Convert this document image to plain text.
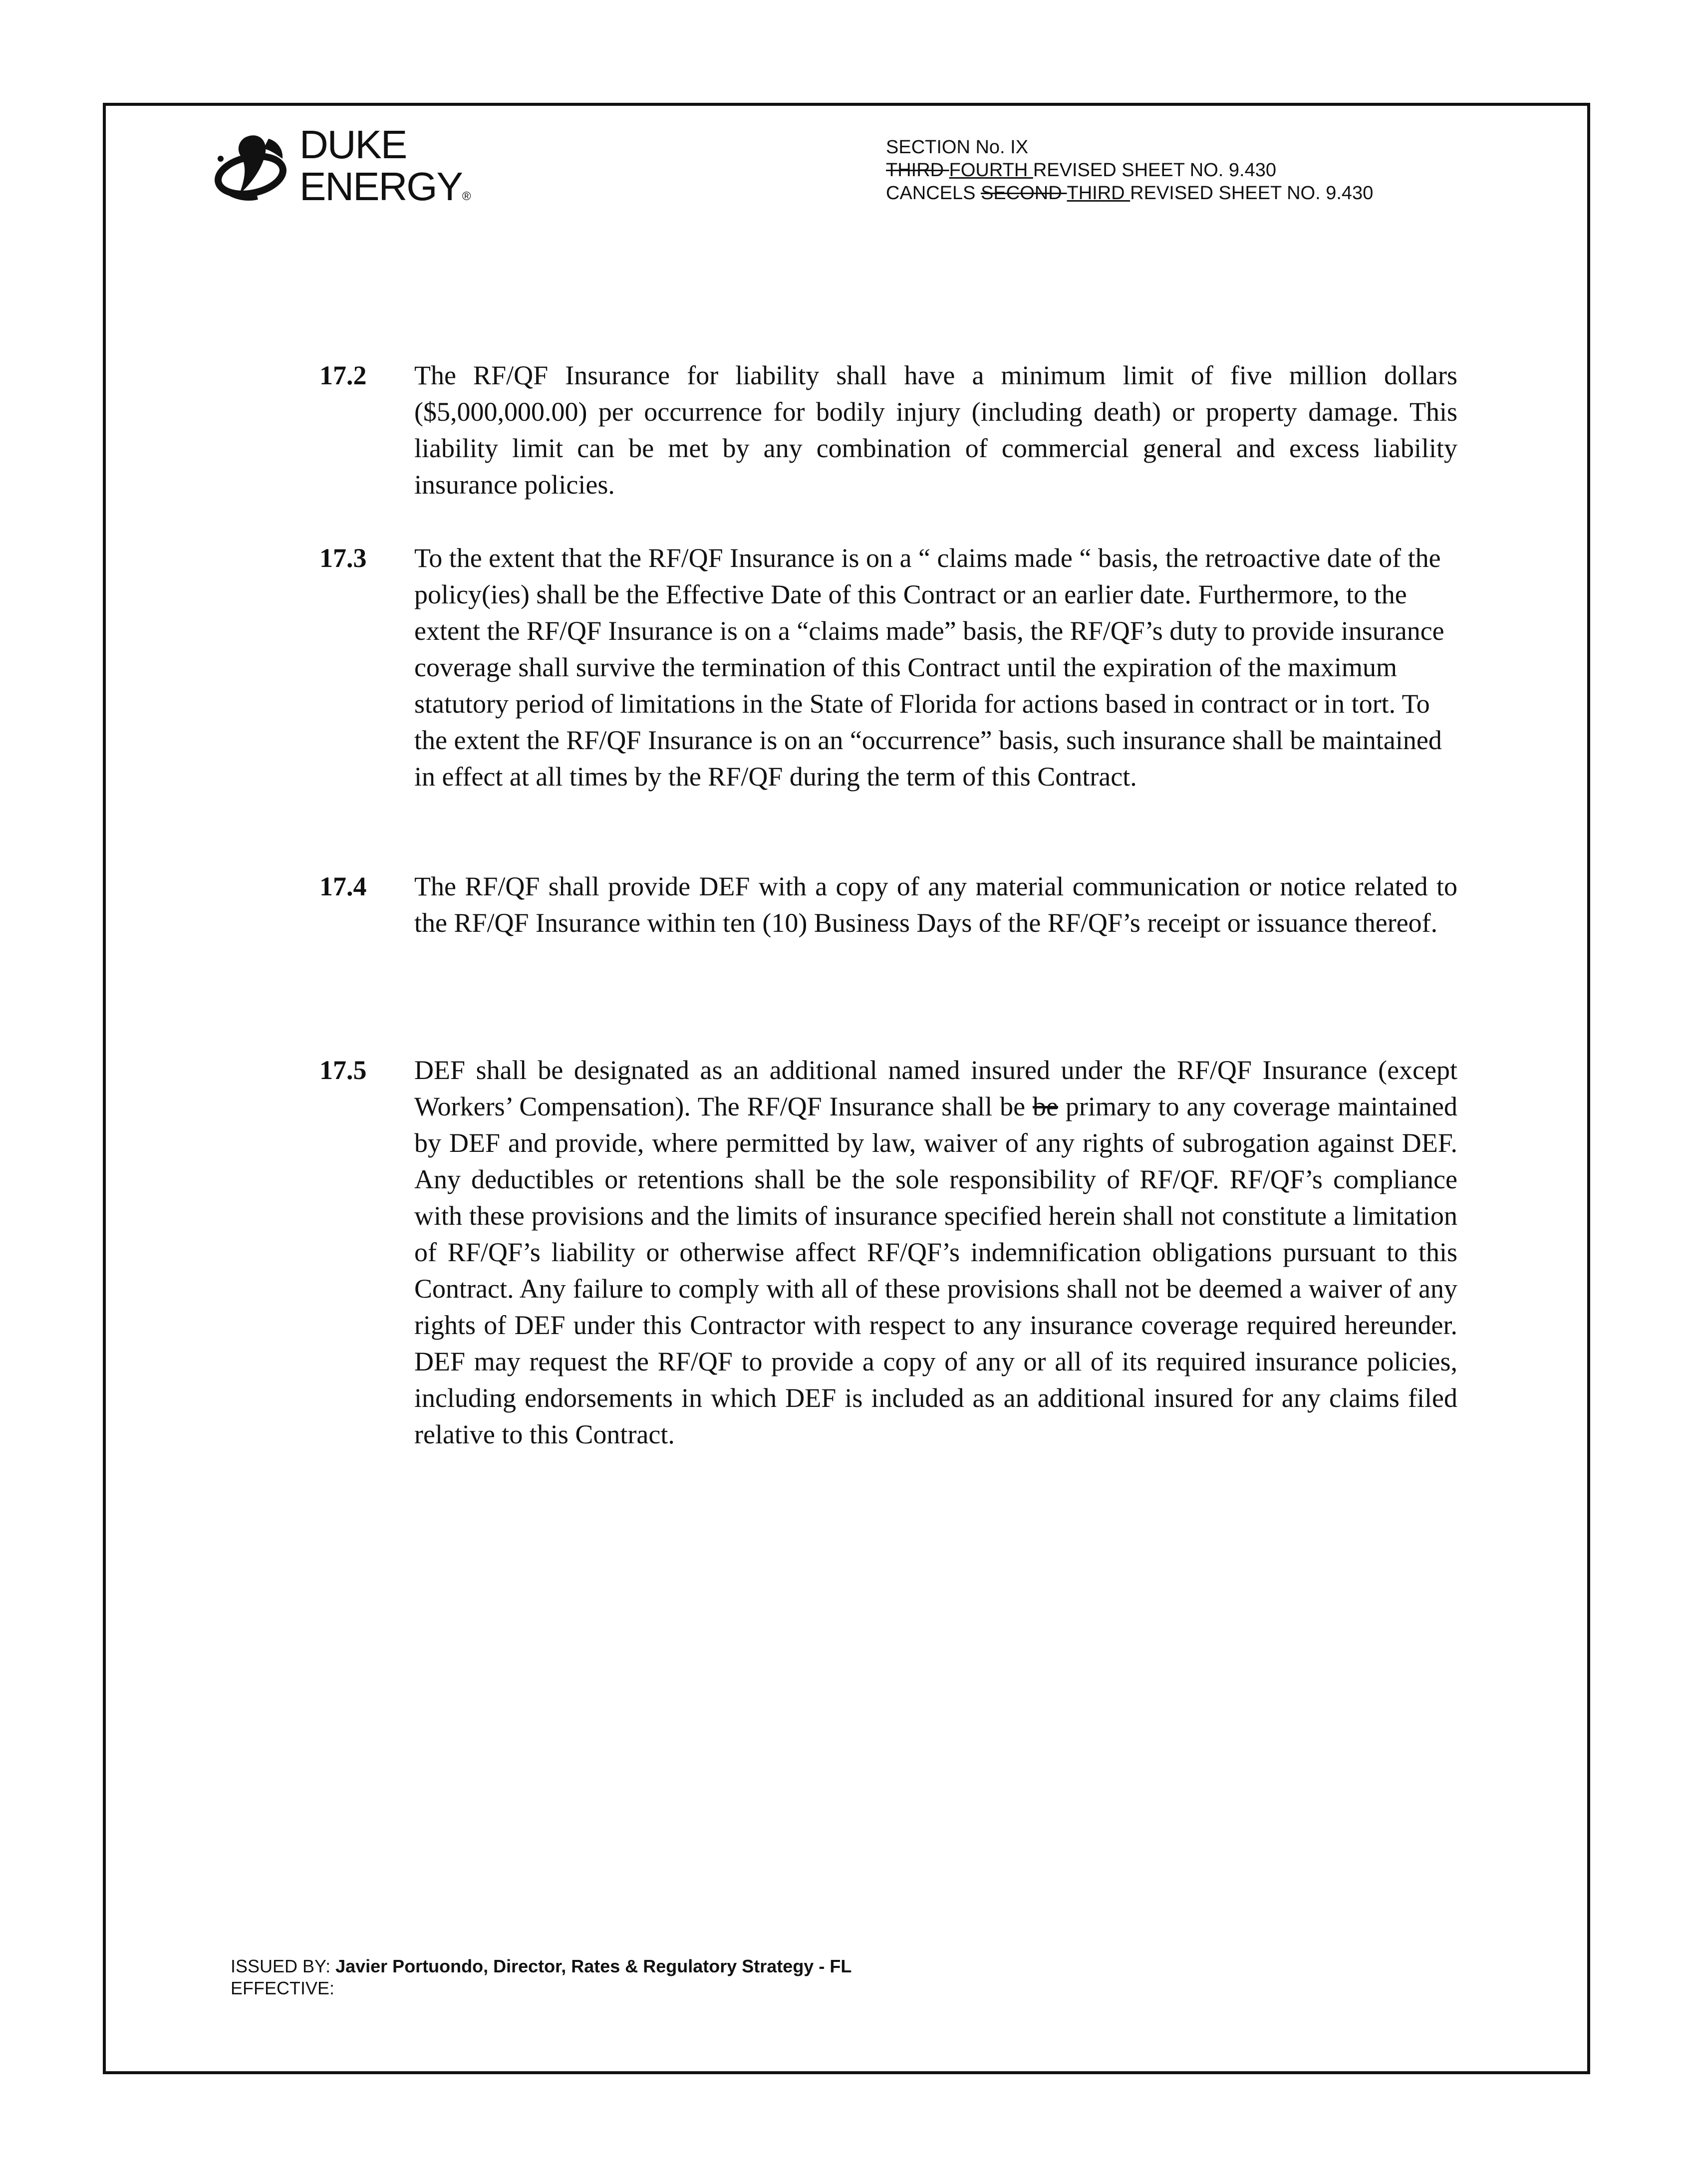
DUKE
ENERGY®
SECTION No. IX
THIRD FOURTH REVISED SHEET NO. 9.430
CANCELS SECOND THIRD REVISED SHEET NO. 9.430
17.2 The RF/QF Insurance for liability shall have a minimum limit of five million dollars ($5,000,000.00) per occurrence for bodily injury (including death) or property damage. This liability limit can be met by any combination of commercial general and excess liability insurance policies.
17.3 To the extent that the RF/QF Insurance is on a “ claims made “ basis, the retroactive date of the policy(ies) shall be the Effective Date of this Contract or an earlier date. Furthermore, to the extent the RF/QF Insurance is on a “claims made” basis, the RF/QF’s duty to provide insurance coverage shall survive the termination of this Contract until the expiration of the maximum statutory period of limitations in the State of Florida for actions based in contract or in tort. To the extent the RF/QF Insurance is on an “occurrence” basis, such insurance shall be maintained in effect at all times by the RF/QF during the term of this Contract.
17.4 The RF/QF shall provide DEF with a copy of any material communication or notice related to the RF/QF Insurance within ten (10) Business Days of the RF/QF’s receipt or issuance thereof.
17.5 DEF shall be designated as an additional named insured under the RF/QF Insurance (except Workers’ Compensation). The RF/QF Insurance shall be be primary to any coverage maintained by DEF and provide, where permitted by law, waiver of any rights of subrogation against DEF. Any deductibles or retentions shall be the sole responsibility of RF/QF. RF/QF’s compliance with these provisions and the limits of insurance specified herein shall not constitute a limitation of RF/QF’s liability or otherwise affect RF/QF’s indemnification obligations pursuant to this Contract. Any failure to comply with all of these provisions shall not be deemed a waiver of any rights of DEF under this Contractor with respect to any insurance coverage required hereunder. DEF may request the RF/QF to provide a copy of any or all of its required insurance policies, including endorsements in which DEF is included as an additional insured for any claims filed relative to this Contract.
ISSUED BY: Javier Portuondo, Director, Rates & Regulatory Strategy - FL
EFFECTIVE:
